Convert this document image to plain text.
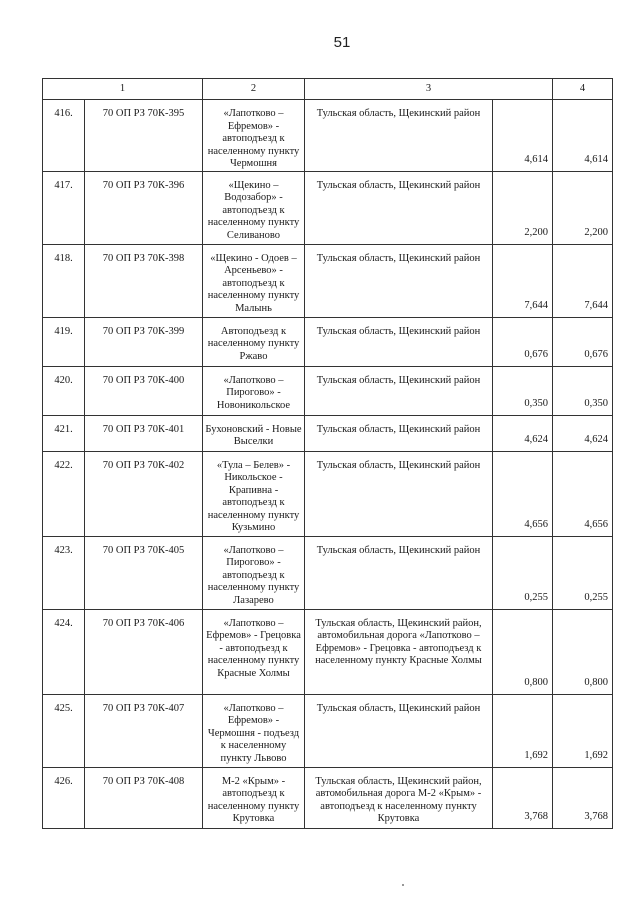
51
1		2	3		4
416.	70 ОП РЗ 70К-395	«Лапотково – Ефремов» - автоподъезд к населенному пункту Чермошня	Тульская область, Щекинский район	4,614	4,614
417.	70 ОП РЗ 70К-396	«Щекино – Водозабор» - автоподъезд к населенному пункту Селиваново	Тульская область, Щекинский район	2,200	2,200
418.	70 ОП РЗ 70К-398	«Щекино - Одоев – Арсеньево» - автоподъезд к населенному пункту Малынь	Тульская область, Щекинский район	7,644	7,644
419.	70 ОП РЗ 70К-399	Автоподъезд к населенному пункту Ржаво	Тульская область, Щекинский район	0,676	0,676
420.	70 ОП РЗ 70К-400	«Лапотково – Пирогово» - Новоникольское	Тульская область, Щекинский район	0,350	0,350
421.	70 ОП РЗ 70К-401	Бухоновский - Новые Выселки	Тульская область, Щекинский район	4,624	4,624
422.	70 ОП РЗ 70К-402	«Тула – Белев» - Никольское - Крапивна - автоподъезд к населенному пункту Кузьмино	Тульская область, Щекинский район	4,656	4,656
423.	70 ОП РЗ 70К-405	«Лапотково – Пирогово» - автоподъезд к населенному пункту Лазарево	Тульская область, Щекинский район	0,255	0,255
424.	70 ОП РЗ 70К-406	«Лапотково – Ефремов» - Грецовка - автоподъезд к населенному пункту Красные Холмы	Тульская область, Щекинский район, автомобильная дорога «Лапотково – Ефремов» - Грецовка - автоподъезд к населенному пункту Красные Холмы	0,800	0,800
425.	70 ОП РЗ 70К-407	«Лапотково – Ефремов» - Чермошня - подъезд к населенному пункту Львово	Тульская область, Щекинский район	1,692	1,692
426.	70 ОП РЗ 70К-408	М-2 «Крым» - автоподъезд к населенному пункту Крутовка	Тульская область, Щекинский район, автомобильная дорога М-2 «Крым» - автоподъезд к населенному пункту Крутовка	3,768	3,768
